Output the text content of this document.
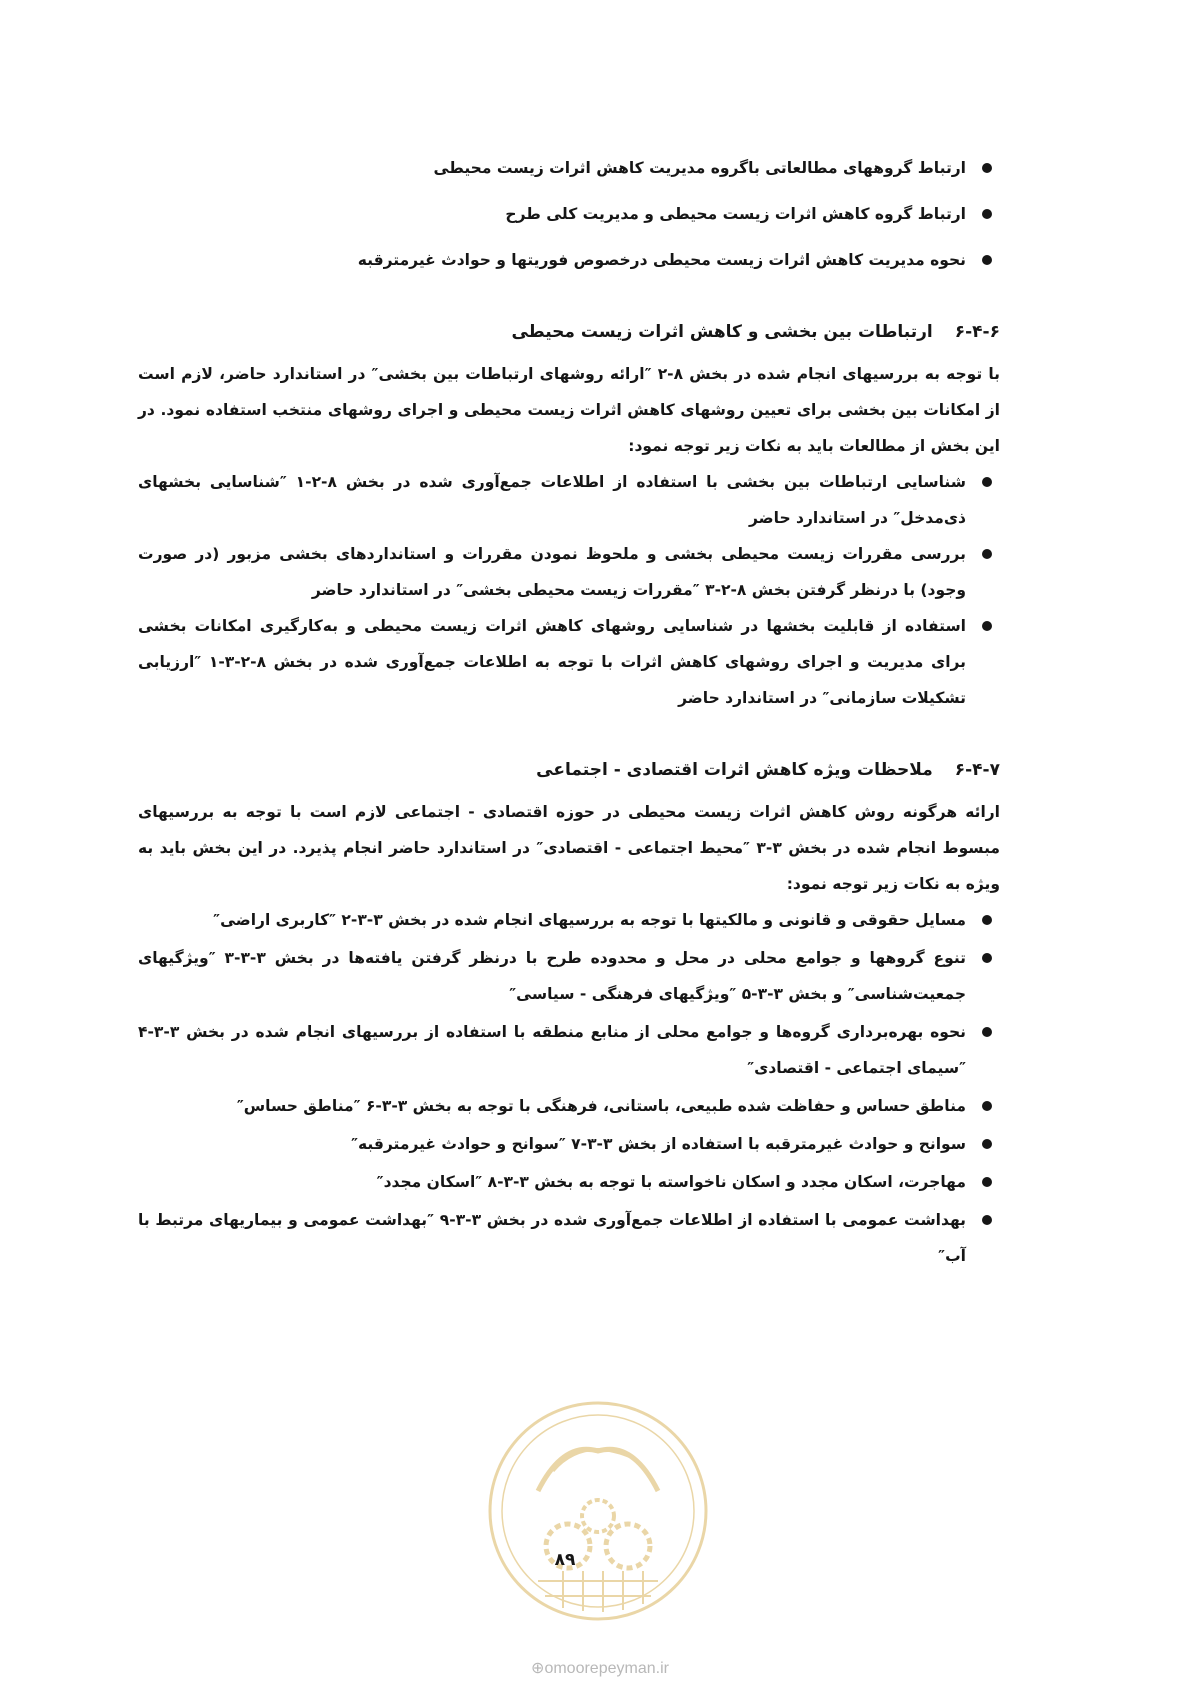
ارتباط گروههای مطالعاتی باگروه مدیریت کاهش اثرات زیست محیطی
ارتباط گروه کاهش اثرات زیست محیطی و مدیریت کلی طرح
نحوه مدیریت کاهش اثرات زیست محیطی درخصوص فوریتها و حوادث غیرمترقبه
۶-۴-۶ارتباطات بین بخشی و کاهش اثرات زیست محیطی

با توجه به بررسیهای انجام شده در بخش ۸-۲ ″ارائه روشهای ارتباطات بین بخشی″ در استاندارد حاضر، لازم است از امکانات بین بخشی برای تعیین روشهای کاهش اثرات زیست محیطی و اجرای روشهای منتخب استفاده نمود. در این بخش از مطالعات باید به نکات زیر توجه نمود:

شناسایی ارتباطات بین بخشی با استفاده از اطلاعات جمع‌آوری شده در بخش ۸-۲-۱ ″شناسایی بخشهای ذی‌مدخل″ در استاندارد حاضر
بررسی مقررات زیست محیطی بخشی و ملحوظ نمودن مقررات و استانداردهای بخشی مزبور (در صورت وجود) با درنظر گرفتن بخش ۸-۲-۳ ″مقررات زیست محیطی بخشی″ در استاندارد حاضر
استفاده از قابلیت بخشها در شناسایی روشهای کاهش اثرات زیست محیطی و به‌کارگیری امکانات بخشی برای مدیریت و اجرای روشهای کاهش اثرات با توجه به اطلاعات جمع‌آوری شده در بخش ۸-۲-۳-۱ ″ارزیابی تشکیلات سازمانی″ در استاندارد حاضر
۶-۴-۷ملاحظات ویژه کاهش اثرات اقتصادی - اجتماعی

ارائه هرگونه روش کاهش اثرات زیست محیطی در حوزه اقتصادی - اجتماعی لازم است با توجه به بررسیهای مبسوط انجام شده در بخش ۳-۳ ″محیط اجتماعی - اقتصادی″ در استاندارد حاضر انجام پذیرد. در این بخش باید به ویژه به نکات زیر توجه نمود:

مسایل حقوقی و قانونی و مالکیتها با توجه به بررسیهای انجام شده در بخش ۳-۳-۲ ″کاربری اراضی″
تنوع گروهها و جوامع محلی در محل و محدوده طرح با درنظر گرفتن یافته‌ها در بخش ۳-۳-۳ ″ویژگیهای جمعیت‌شناسی″ و بخش ۳-۳-۵ ″ویژگیهای فرهنگی - سیاسی″
نحوه بهره‌برداری گروه‌ها و جوامع محلی از منابع منطقه با استفاده از بررسیهای انجام شده در بخش ۳-۳-۴ ″سیمای اجتماعی - اقتصادی″
مناطق حساس و حفاظت شده طبیعی، باستانی، فرهنگی با توجه به بخش ۳-۳-۶ ″مناطق حساس″
سوانح و حوادث غیرمترقبه با استفاده از بخش ۳-۳-۷ ″سوانح و حوادث غیرمترقبه″
مهاجرت، اسکان مجدد و اسکان ناخواسته با توجه به بخش ۳-۳-۸ ″اسکان مجدد″
بهداشت عمومی با استفاده از اطلاعات جمع‌آوری شده در بخش ۳-۳-۹ ″بهداشت عمومی و بیماریهای مرتبط با آب″
۸۹
⊕omoorepeyman.ir
